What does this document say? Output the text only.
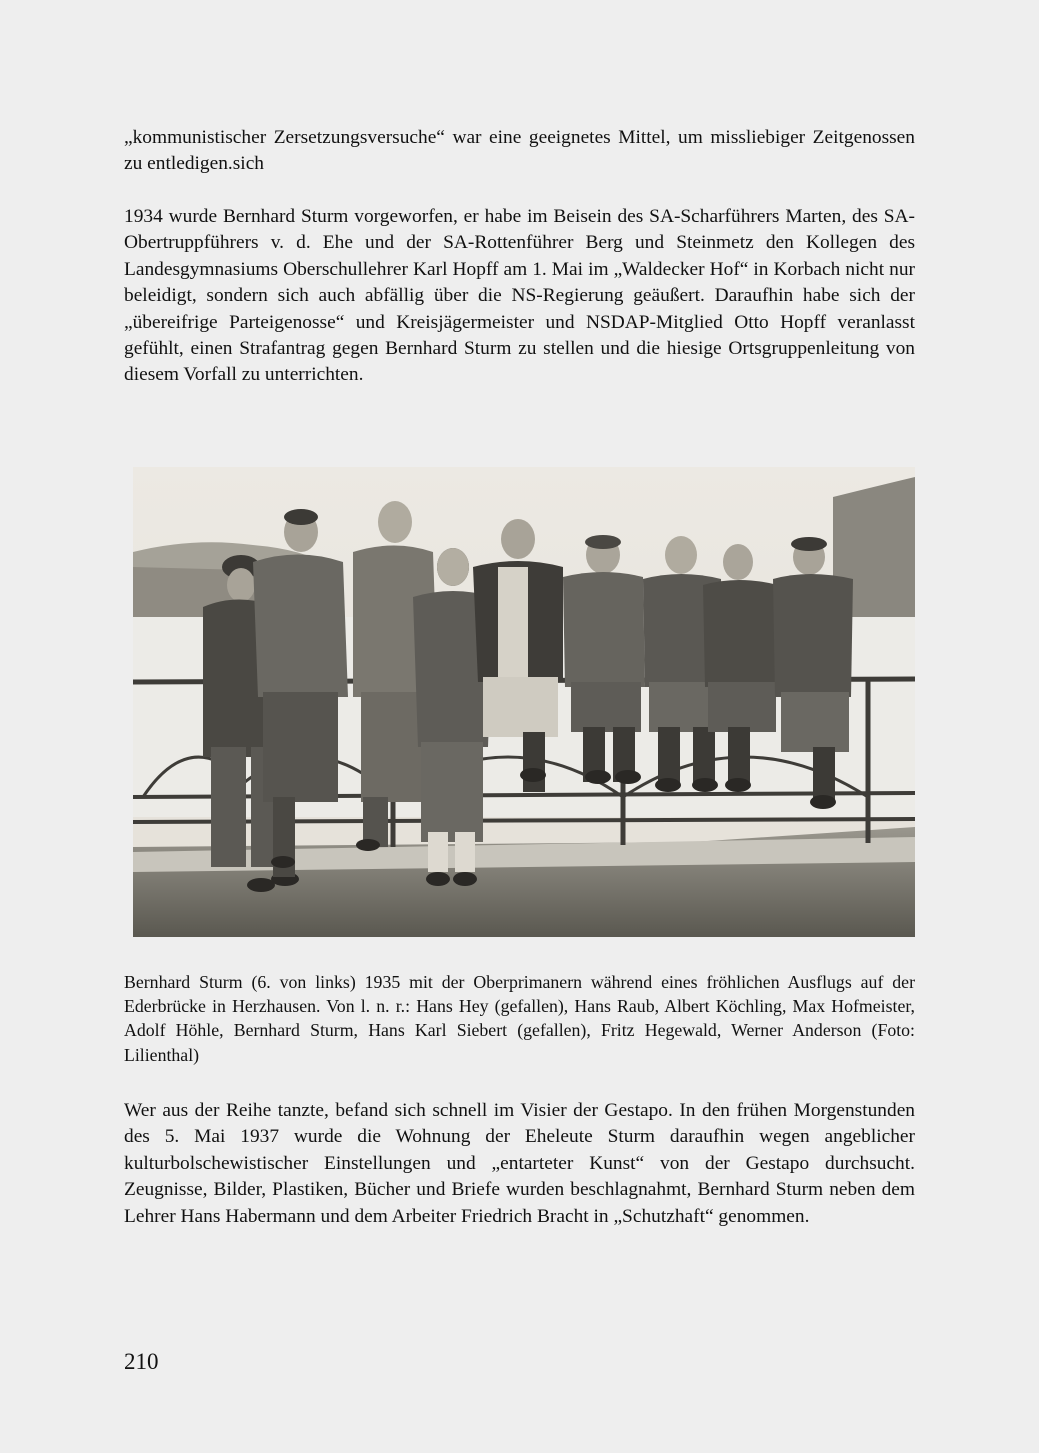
„kommunistischer Zersetzungsversuche“ war eine geeignetes Mittel, um missliebiger Zeitgenossen zu entledigen.sich

1934 wurde Bernhard Sturm vorgeworfen, er habe im Beisein des SA-Scharführers Marten, des SA- Obertruppführers v. d. Ehe und der SA-Rottenführer Berg und Steinmetz den Kollegen des Landesgymnasiums Oberschullehrer Karl Hopff am 1. Mai im „Waldecker Hof“ in Korbach nicht nur beleidigt, sondern sich auch abfällig über die NS-Regierung geäußert. Daraufhin habe sich der „übereifrige Parteigenosse“ und Kreisjägermeister und NSDAP-Mitglied Otto Hopff veranlasst gefühlt, einen Strafantrag gegen Bernhard Sturm zu stellen und die hiesige Ortsgruppenleitung von diesem Vorfall zu unterrichten.

Bernhard Sturm (6. von links) 1935 mit der Oberprimanern während eines fröhlichen Ausflugs auf der Ederbrücke in Herzhausen. Von l. n. r.: Hans Hey (gefallen), Hans Raub, Albert Köchling, Max Hofmeister, Adolf Höhle, Bernhard Sturm, Hans Karl Siebert (gefallen), Fritz Hegewald, Werner Anderson (Foto: Lilienthal)

Wer aus der Reihe tanzte, befand sich schnell im Visier der Gestapo. In den frühen Morgenstunden des 5. Mai 1937 wurde die Wohnung der Eheleute Sturm daraufhin wegen angeblicher kulturbolschewistischer Einstellungen und „entarteter Kunst“ von der Gestapo durchsucht. Zeugnisse, Bilder, Plastiken, Bücher und Briefe wurden beschlagnahmt, Bernhard Sturm neben dem Lehrer Hans Habermann und dem Arbeiter Friedrich Bracht in „Schutzhaft“ genommen.

210
